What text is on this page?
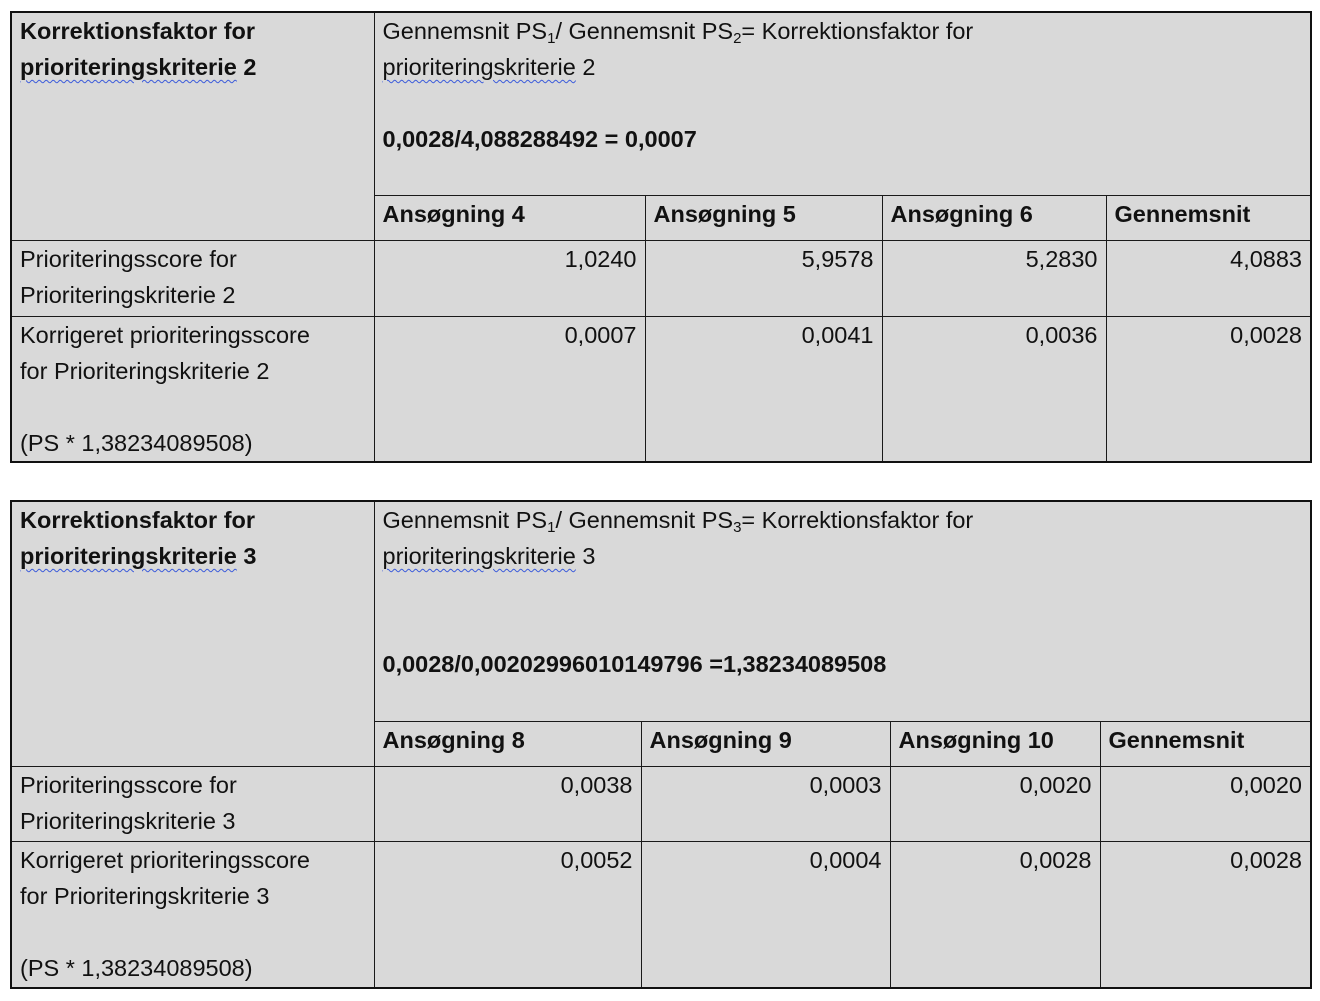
Korrektionsfaktor for
prioriteringskriterie 2	Gennemsnit $PS_1/$ Gennemsnit $PS_2=$ Korrektionsfaktor for
prioriteringskriterie 2
0,0028/4,088288492 = 0,0007			
	Ansøgning 4	Ansøgning 5	Ansøgning 6	Gennemsnit
Prioriteringsscore for
Prioriteringskriterie 2	1,0240	5,9578	5,2830	4,0883
Korrigeret prioriteringsscore
for Prioriteringskriterie 2
(PS * 1,38234089508)	0,0007	0,0041	0,0036	0,0028
Korrektionsfaktor for
prioriteringskriterie 3	Gennemsnit $PS_1/$ Gennemsnit $PS_3=$ Korrektionsfaktor for
prioriteringskriterie 3
0,0028/0,00202996010149796 =1,38234089508			
	Ansøgning 8	Ansøgning 9	Ansøgning 10	Gennemsnit
Prioriteringsscore for
Prioriteringskriterie 3	0,0038	0,0003	0,0020	0,0020
Korrigeret prioriteringsscore
for Prioriteringskriterie 3
(PS * 1,38234089508)	0,0052	0,0004	0,0028	0,0028
